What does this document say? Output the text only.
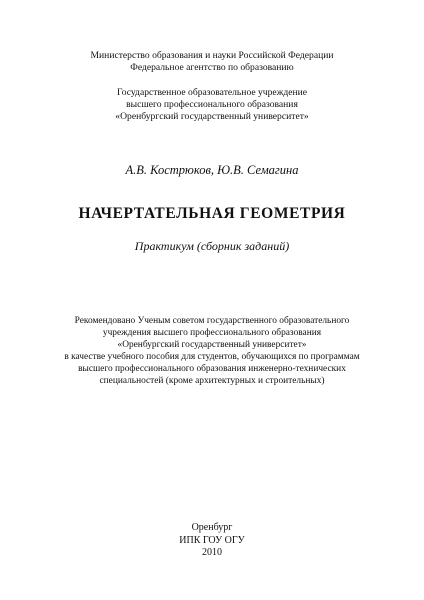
Министерство образования и науки Российской Федерации
Федеральное агентство по образованию
Государственное образовательное учреждение
высшего профессионального образования
«Оренбургский государственный университет»
А.В. Кострюков, Ю.В. Семагина
НАЧЕРТАТЕЛЬНАЯ ГЕОМЕТРИЯ
Практикум (сборник заданий)
Рекомендовано Ученым советом государственного образовательного
учреждения высшего профессионального образования
«Оренбургский государственный университет»
в качестве учебного пособия для студентов, обучающихся по программам
высшего профессионального образования инженерно-технических
специальностей (кроме архитектурных и строительных)
Оренбург
ИПК ГОУ ОГУ
2010
